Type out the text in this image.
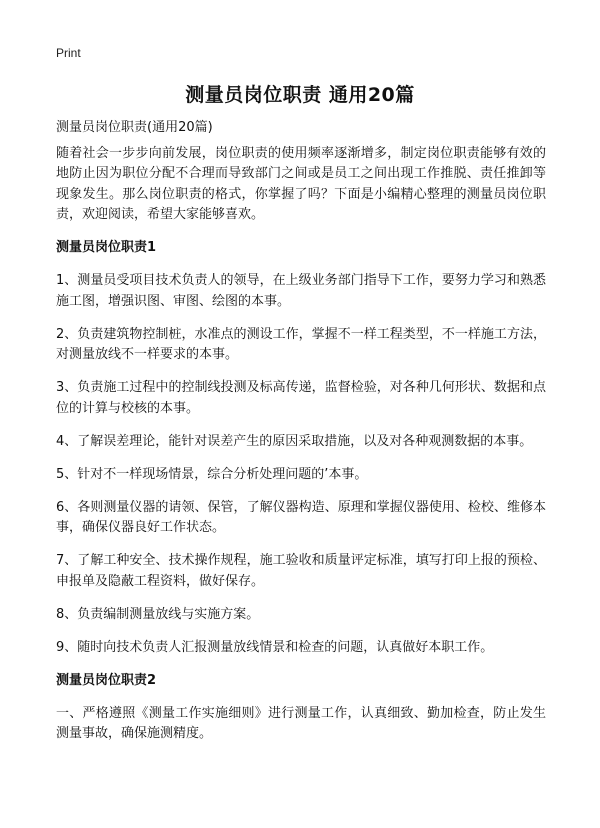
Print
测量员岗位职责 通用20篇

测量员岗位职责(通用20篇)

随着社会一步步向前发展，岗位职责的使用频率逐渐增多，制定岗位职责能够有效的地防止因为职位分配不合理而导致部门之间或是员工之间出现工作推脱、责任推卸等现象发生。那么岗位职责的格式，你掌握了吗？下面是小编精心整理的测量员岗位职责，欢迎阅读，希望大家能够喜欢。

测量员岗位职责1

1、测量员受项目技术负责人的领导，在上级业务部门指导下工作，要努力学习和熟悉施工图，增强识图、审图、绘图的本事。

2、负责建筑物控制桩，水准点的测设工作，掌握不一样工程类型，不一样施工方法，对测量放线不一样要求的本事。

3、负责施工过程中的控制线投测及标高传递，监督检验，对各种几何形状、数据和点位的计算与校核的本事。

4、了解误差理论，能针对误差产生的原因采取措施，以及对各种观测数据的本事。

5、针对不一样现场情景，综合分析处理问题的’本事。

6、各则测量仪器的请领、保管，了解仪器构造、原理和掌握仪器使用、检校、维修本事，确保仪器良好工作状态。

7、了解工种安全、技术操作规程，施工验收和质量评定标准，填写打印上报的预检、申报单及隐蔽工程资料，做好保存。

8、负责编制测量放线与实施方案。

9、随时向技术负责人汇报测量放线情景和检查的问题，认真做好本职工作。

测量员岗位职责2

一、严格遵照《测量工作实施细则》进行测量工作，认真细致、勤加检查，防止发生测量事故，确保施测精度。
